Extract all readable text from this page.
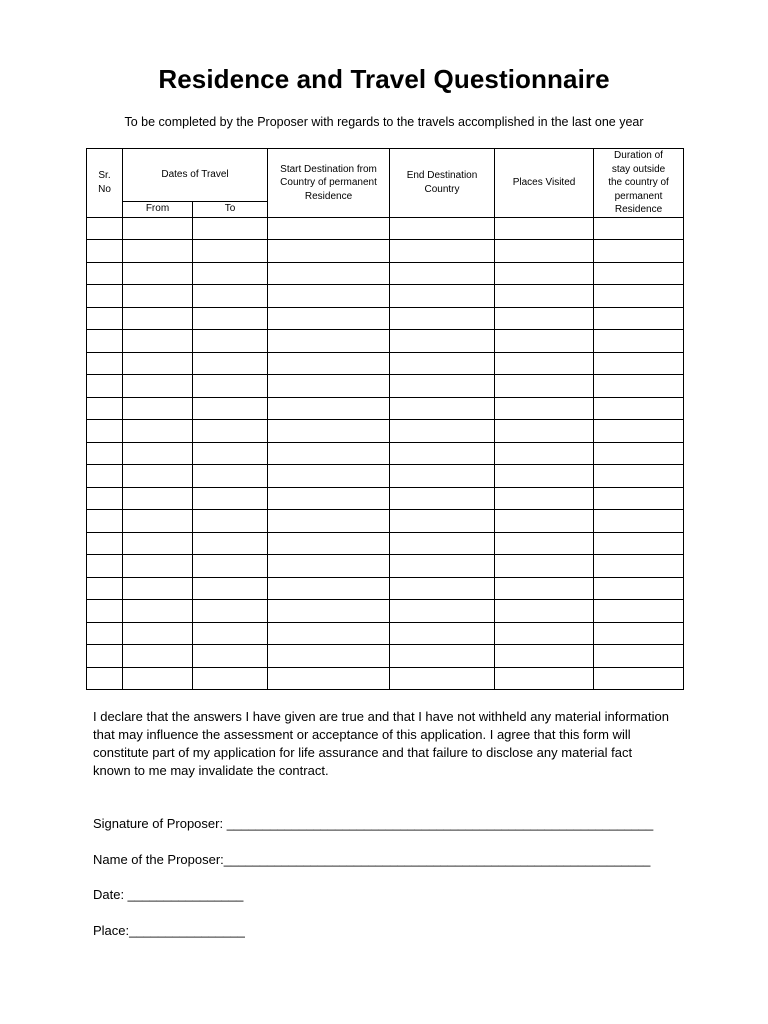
Residence and Travel Questionnaire
To be completed by the Proposer with regards to the travels accomplished in the last one year
Sr. No	Dates of Travel		Start Destination from Country of permanent Residence	End Destination Country	Places Visited	Duration of stay outside the country of permanent Residence
	From	To				

I declare that the answers I have given are true and that I have not withheld any material information that may influence the assessment or acceptance of this application. I agree that this form will constitute part of my application for life assurance and that failure to disclose any material fact known to me may invalidate the contract.
Signature of Proposer: ___________________________________________________________
Name of the Proposer:___________________________________________________________
Date: ________________
Place:________________
